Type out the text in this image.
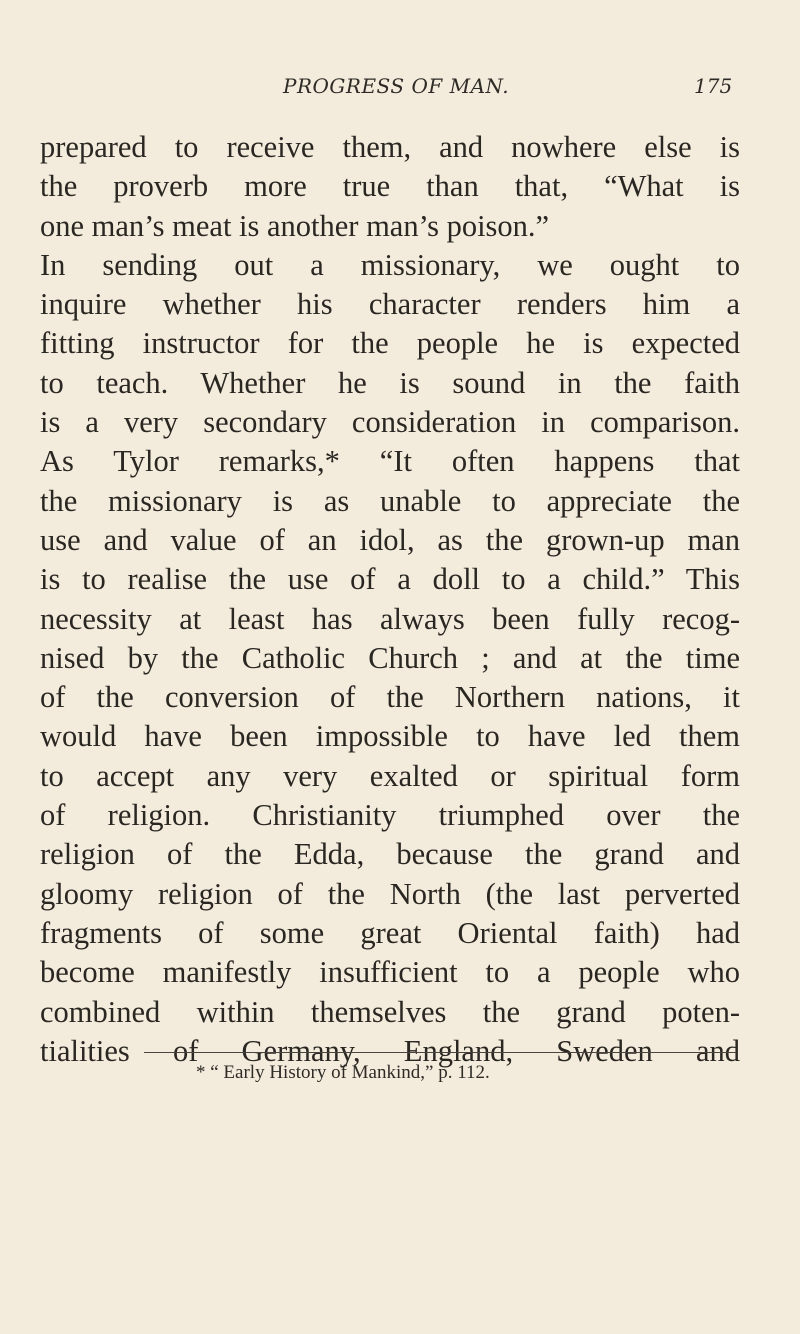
PROGRESS OF MAN.	175
prepared to receive them, and nowhere else is
the proverb more true than that, “What is
one man’s meat is another man’s poison.”
In sending out a missionary, we ought to
inquire whether his character renders him a
fitting instructor for the people he is expected
to teach. Whether he is sound in the faith
is a very secondary consideration in comparison.
As Tylor remarks,* “It often happens that
the missionary is as unable to appreciate the
use and value of an idol, as the grown-up man
is to realise the use of a doll to a child.” This
necessity at least has always been fully recog-
nised by the Catholic Church ; and at the time
of the conversion of the Northern nations, it
would have been impossible to have led them
to accept any very exalted or spiritual form
of religion. Christianity triumphed over the
religion of the Edda, because the grand and
gloomy religion of the North (the last perverted
fragments of some great Oriental faith) had
become manifestly insufficient to a people who
combined within themselves the grand poten-
tialities of Germany, England, Sweden and
* “ Early History of Mankind,” p. 112.
